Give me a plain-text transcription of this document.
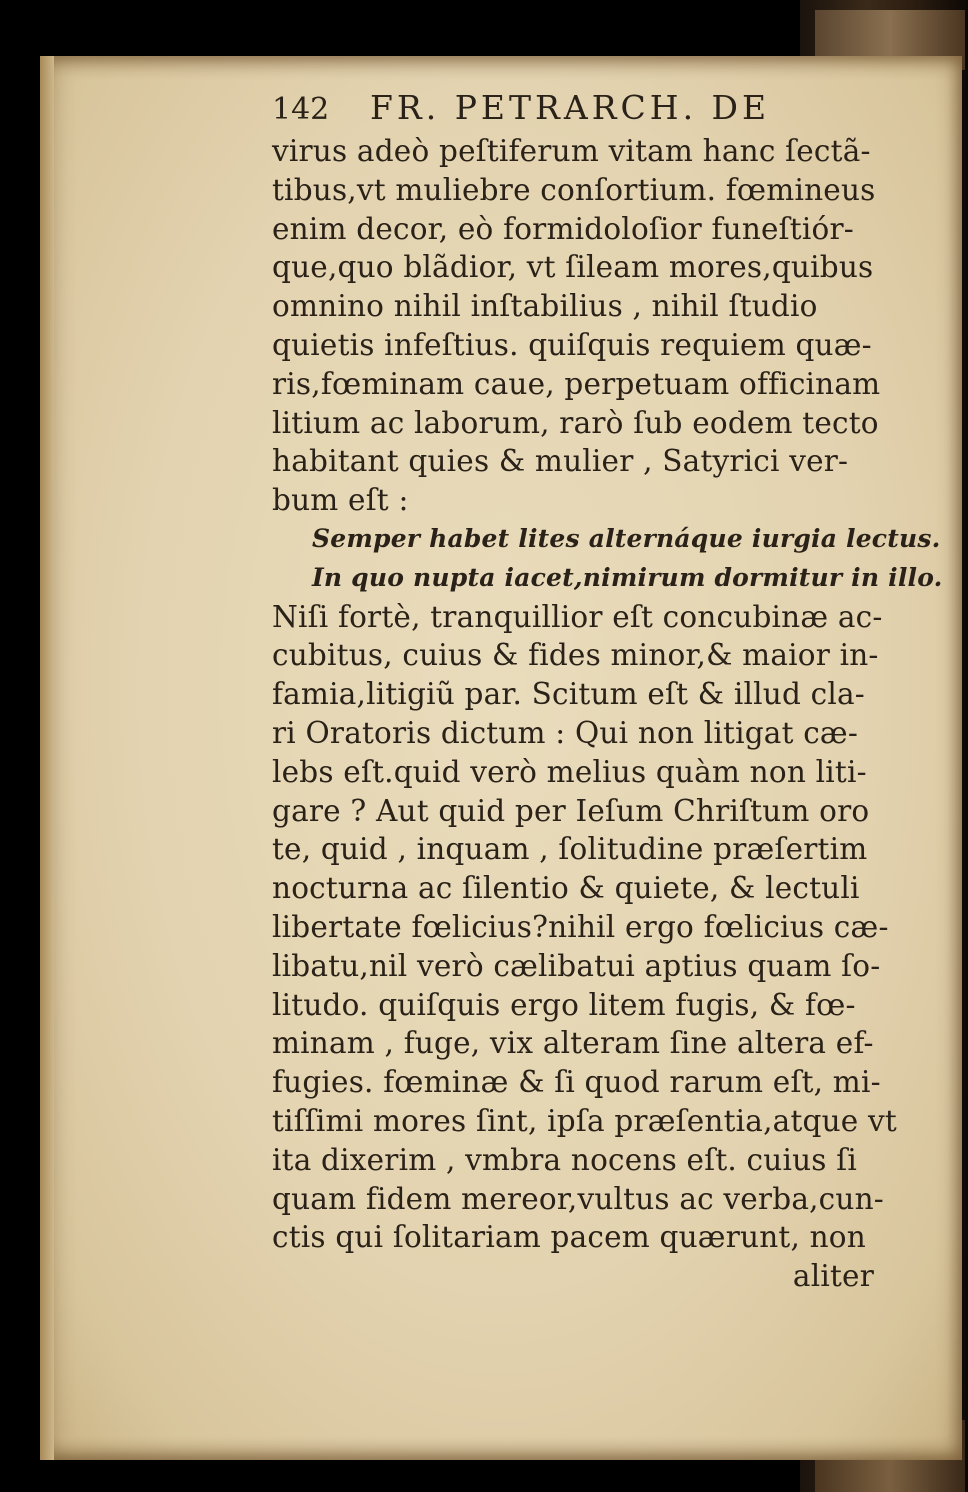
142 FR. PETRARCH. DE
virus adeò peſtiferum vitam hanc ſectã-
tibus,vt muliebre conſortium. fœmineus
enim decor, eò formidoloſior funeſtiór-
que,quo blãdior, vt ſileam mores,quibus
omnino nihil inſtabilius , nihil ſtudio
quietis infeſtius. quiſquis requiem quæ-
ris,fœminam caue, perpetuam officinam
litium ac laborum, rarò ſub eodem tecto
habitant quies & mulier , Satyrici ver-
bum eſt :
Semper habet lites alternáque iurgia lectus.
In quo nupta iacet,nimirum dormitur in illo.
Niſi fortè, tranquillior eſt concubinæ ac-
cubitus, cuius & fides minor,& maior in-
famia,litigiũ par. Scitum eſt & illud cla-
ri Oratoris dictum : Qui non litigat cæ-
lebs eſt.quid verò melius quàm non liti-
gare ? Aut quid per Ieſum Chriſtum oro
te, quid , inquam , ſolitudine præſertim
nocturna ac ſilentio & quiete, & lectuli
libertate fœlicius?nihil ergo fœlicius cæ-
libatu,nil verò cælibatui aptius quam ſo-
litudo. quiſquis ergo litem fugis, & fœ-
minam , fuge, vix alteram ſine altera ef-
fugies. fœminæ & ſi quod rarum eſt, mi-
tiſſimi mores ſint, ipſa præſentia,atque vt
ita dixerim , vmbra nocens eſt. cuius ſi
quam fidem mereor,vultus ac verba,cun-
ctis qui ſolitariam pacem quærunt, non
aliter
